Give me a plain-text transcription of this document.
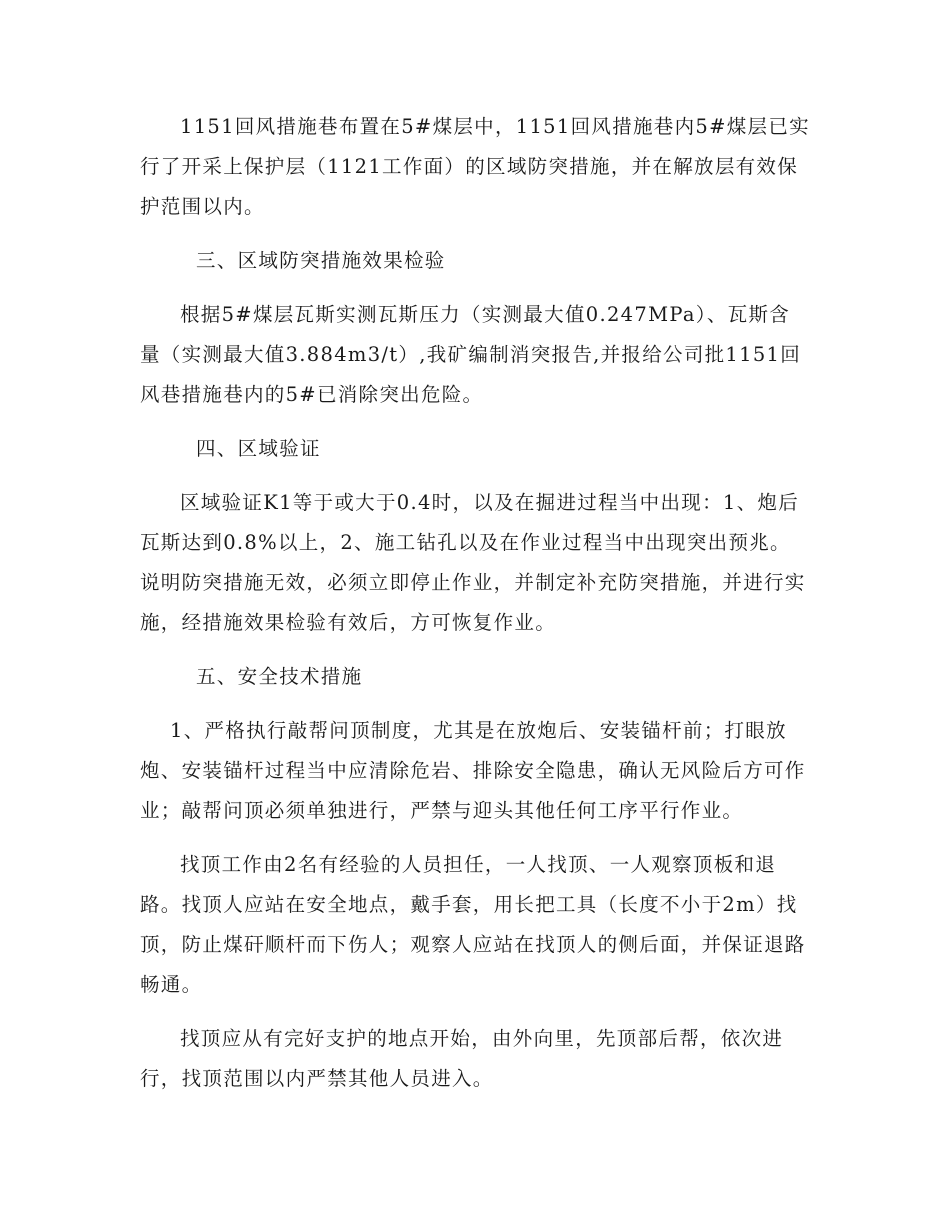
1151回风措施巷布置在5#煤层中，1151回风措施巷内5#煤层已实行了开采上保护层（1121工作面）的区域防突措施，并在解放层有效保护范围以内。

三、区域防突措施效果检验

根据5#煤层瓦斯实测瓦斯压力（实测最大值0.247MPa）、瓦斯含量（实测最大值3.884m3/t）,我矿编制消突报告,并报给公司批1151回风巷措施巷内的5#已消除突出危险。

四、区域验证

区域验证K1等于或大于0.4时，以及在掘进过程当中出现：1、炮后瓦斯达到0.8%以上，2、施工钻孔以及在作业过程当中出现突出预兆。说明防突措施无效，必须立即停止作业，并制定补充防突措施，并进行实施，经措施效果检验有效后，方可恢复作业。

五、安全技术措施

1、严格执行敲帮问顶制度，尤其是在放炮后、安装锚杆前；打眼放炮、安装锚杆过程当中应清除危岩、排除安全隐患，确认无风险后方可作业；敲帮问顶必须单独进行，严禁与迎头其他任何工序平行作业。

找顶工作由2名有经验的人员担任，一人找顶、一人观察顶板和退路。找顶人应站在安全地点，戴手套，用长把工具（长度不小于2m）找顶，防止煤矸顺杆而下伤人；观察人应站在找顶人的侧后面，并保证退路畅通。

找顶应从有完好支护的地点开始，由外向里，先顶部后帮，依次进行，找顶范围以内严禁其他人员进入。
